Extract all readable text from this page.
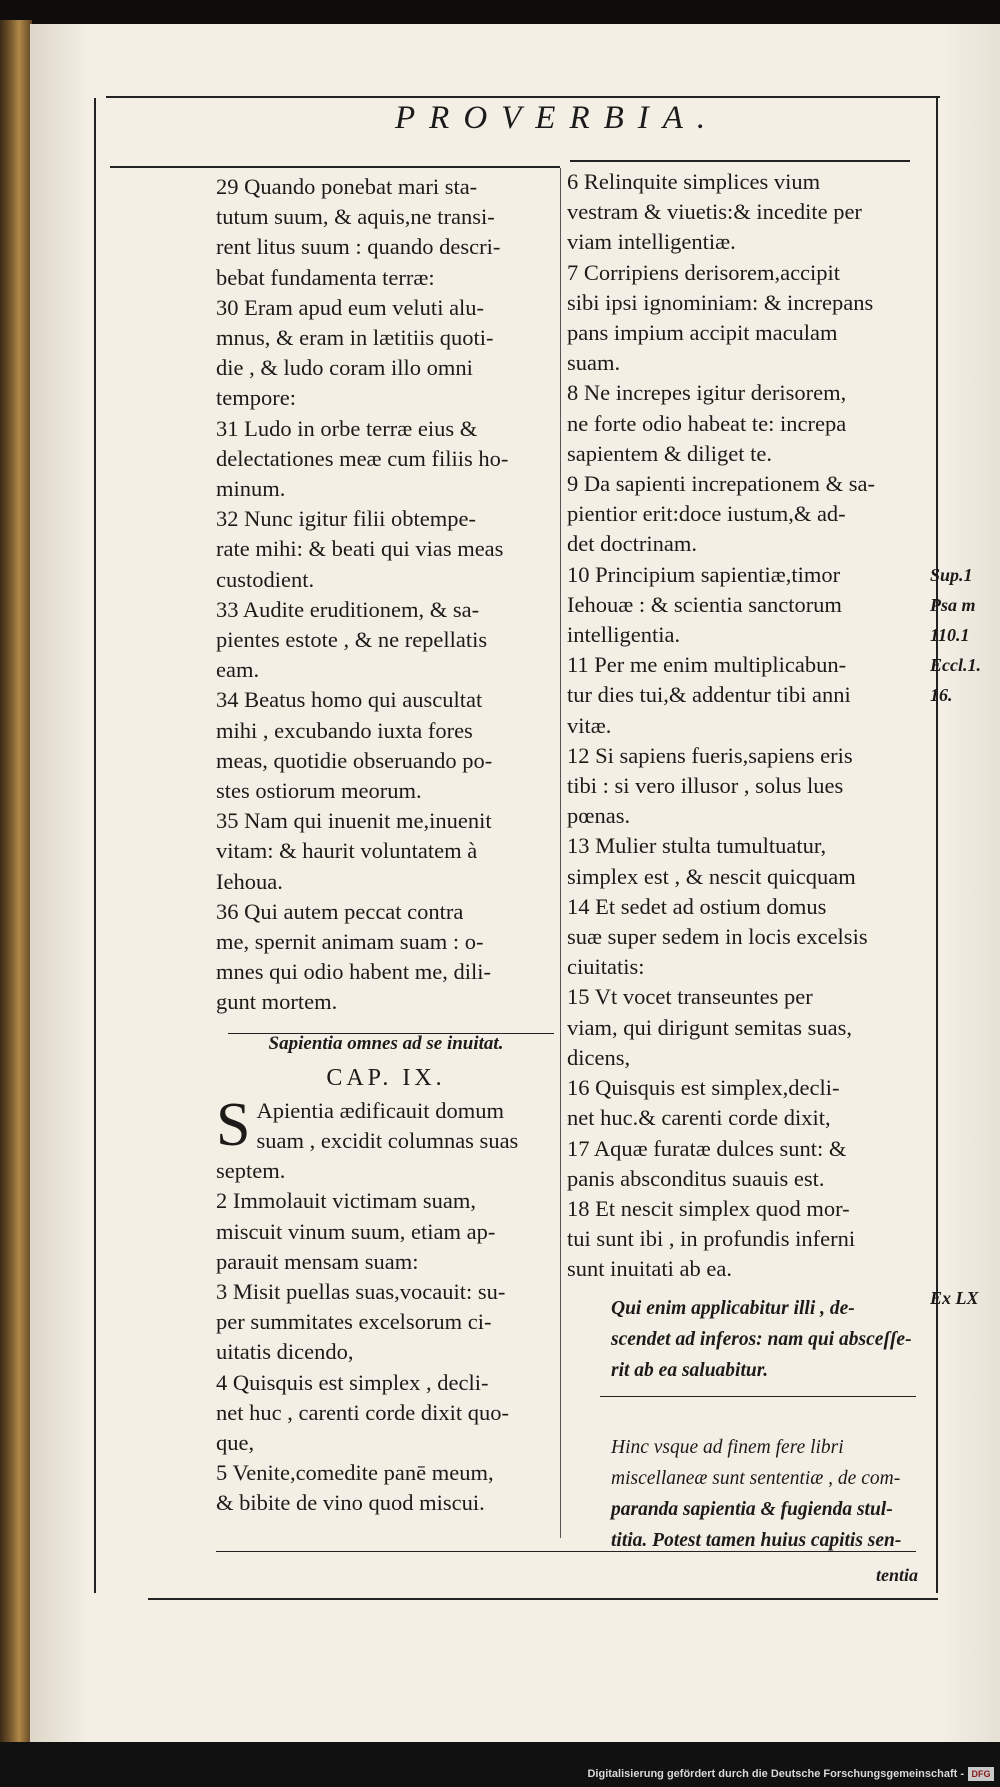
PROVERBIA.

29 Quando ponebat mari sta-

tutum suum, & aquis,ne transi-

rent litus suum : quando descri-

bebat fundamenta terræ:

30 Eram apud eum veluti alu-

mnus, & eram in lætitiis quoti-

die , & ludo coram illo omni

tempore:

31 Ludo in orbe terræ eius &

delectationes meæ cum filiis ho-

minum.

32 Nunc igitur filii obtempe-

rate mihi: & beati qui vias meas

custodient.

33 Audite eruditionem, & sa-

pientes estote , & ne repellatis

eam.

34 Beatus homo qui auscultat

mihi , excubando iuxta fores

meas, quotidie obseruando po-

stes ostiorum meorum.

35 Nam qui inuenit me,inuenit

vitam: & haurit voluntatem à

Iehoua.

36 Qui autem peccat contra

me, spernit animam suam : o-

mnes qui odio habent me, dili-

gunt mortem.

Sapientia omnes ad se inuitat.

CAP. IX.

S Apientia ædificauit domum

suam , excidit columnas suas

septem.

2 Immolauit victimam suam,

miscuit vinum suum, etiam ap-

parauit mensam suam:

3 Misit puellas suas,vocauit: su-

per summitates excelsorum ci-

uitatis dicendo,

4 Quisquis est simplex , decli-

net huc , carenti corde dixit quo-

que,

5 Venite,comedite panē meum,

& bibite de vino quod miscui.

6 Relinquite simplices vium

vestram & viuetis:& incedite per

viam intelligentiæ.

7 Corripiens derisorem,accipit

sibi ipsi ignominiam: & increpans

pans impium accipit maculam

suam.

8 Ne increpes igitur derisorem,

ne forte odio habeat te: increpa

sapientem & diliget te.

9 Da sapienti increpationem & sa-

pientior erit:doce iustum,& ad-

det doctrinam.

10 Principium sapientiæ,timor

Iehouæ : & scientia sanctorum

intelligentia.

11 Per me enim multiplicabun-

tur dies tui,& addentur tibi anni

vitæ.

12 Si sapiens fueris,sapiens eris

tibi : si vero illusor , solus lues

pœnas.

13 Mulier stulta tumultuatur,

simplex est , & nescit quicquam

14 Et sedet ad ostium domus

suæ super sedem in locis excelsis

ciuitatis:

15 Vt vocet transeuntes per

viam, qui dirigunt semitas suas,

dicens,

16 Quisquis est simplex,decli-

net huc.& carenti corde dixit,

17 Aquæ furatæ dulces sunt: &

panis absconditus suauis est.

18 Et nescit simplex quod mor-

tui sunt ibi , in profundis inferni

sunt inuitati ab ea.

Qui enim applicabitur illi , de-

scendet ad inferos: nam qui absceſſe-

rit ab ea saluabitur.

Hinc vsque ad finem fere libri

miscellaneæ sunt sententiæ , de com-

paranda sapientia & fugienda stul-

titia. Potest tamen huius capitis sen-

Sup.1
Psa m
110.1
Eccl.1.
16.
Ex LX
tentia
Digitalisierung gefördert durch die Deutsche Forschungsgemeinschaft - DFG
